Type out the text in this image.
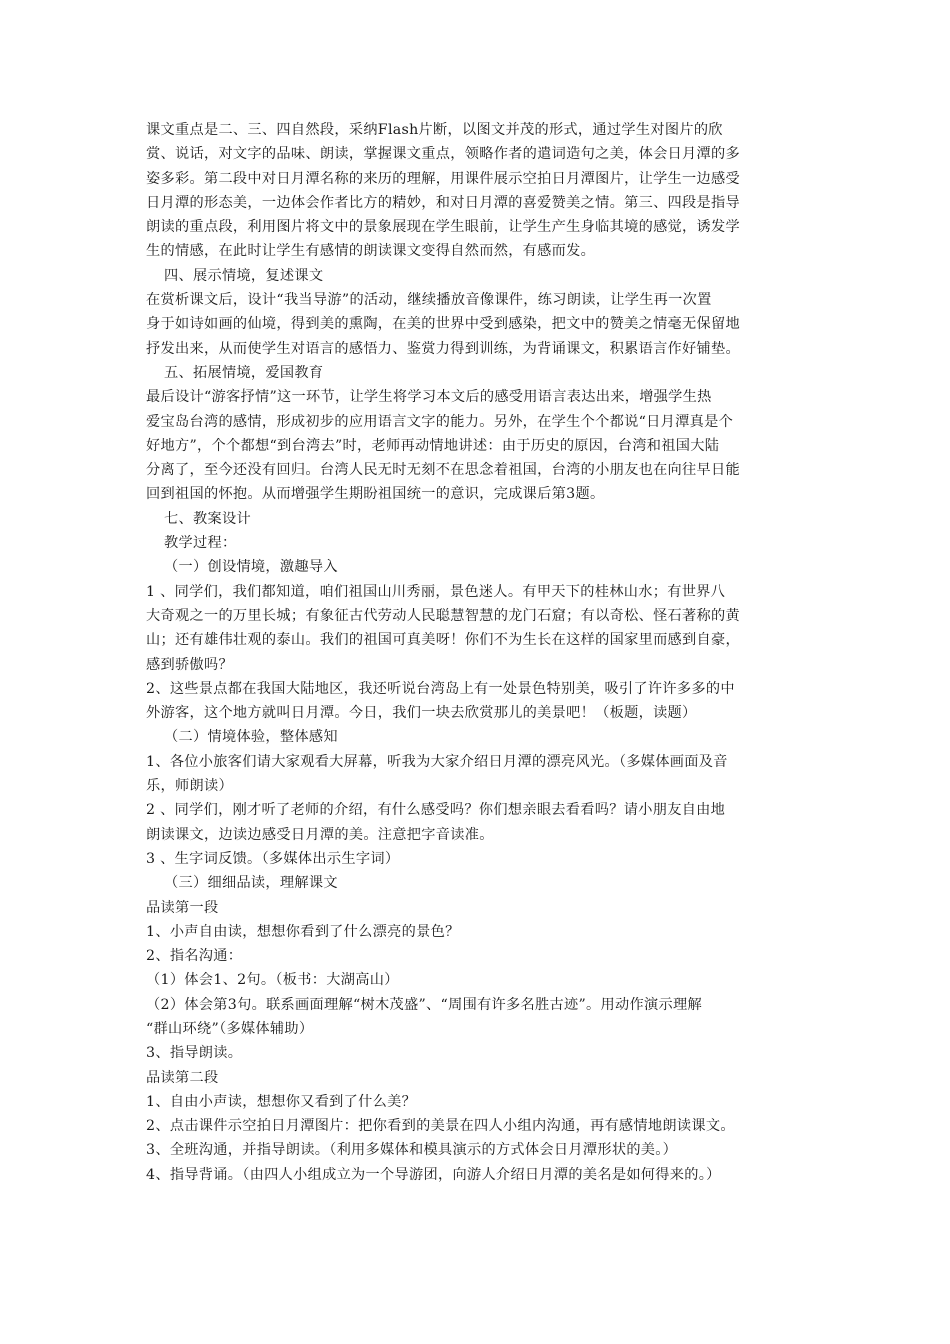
课文重点是二、三、四自然段，采纳Flash片断，以图文并茂的形式，通过学生对图片的欣

赏、说话，对文字的品味、朗读，掌握课文重点，领略作者的遣词造句之美，体会日月潭的多

姿多彩。第二段中对日月潭名称的来历的理解，用课件展示空拍日月潭图片，让学生一边感受

日月潭的形态美，一边体会作者比方的精妙，和对日月潭的喜爱赞美之情。第三、四段是指导

朗读的重点段，利用图片将文中的景象展现在学生眼前，让学生产生身临其境的感觉，诱发学

生的情感，在此时让学生有感情的朗读课文变得自然而然，有感而发。

四、展示情境，复述课文

在赏析课文后，设计“我当导游”的活动，继续播放音像课件，练习朗读，让学生再一次置

身于如诗如画的仙境，得到美的熏陶，在美的世界中受到感染，把文中的赞美之情毫无保留地

抒发出来，从而使学生对语言的感悟力、鉴赏力得到训练，为背诵课文，积累语言作好铺垫。

五、拓展情境，爱国教育

最后设计“游客抒情”这一环节，让学生将学习本文后的感受用语言表达出来，增强学生热

爱宝岛台湾的感情，形成初步的应用语言文字的能力。另外，在学生个个都说“日月潭真是个

好地方”，个个都想“到台湾去”时，老师再动情地讲述：由于历史的原因，台湾和祖国大陆

分离了，至今还没有回归。台湾人民无时无刻不在思念着祖国，台湾的小朋友也在向往早日能

回到祖国的怀抱。从而增强学生期盼祖国统一的意识，完成课后第3题。

七、教案设计

教学过程：

（一）创设情境，激趣导入

1 、同学们，我们都知道，咱们祖国山川秀丽，景色迷人。有甲天下的桂林山水；有世界八

大奇观之一的万里长城；有象征古代劳动人民聪慧智慧的龙门石窟；有以奇松、怪石著称的黄

山；还有雄伟壮观的泰山。我们的祖国可真美呀！你们不为生长在这样的国家里而感到自豪，

感到骄傲吗？

2、这些景点都在我国大陆地区，我还听说台湾岛上有一处景色特别美，吸引了许许多多的中

外游客，这个地方就叫日月潭。今日，我们一块去欣赏那儿的美景吧！（板题，读题）

（二）情境体验，整体感知

1、各位小旅客们请大家观看大屏幕，听我为大家介绍日月潭的漂亮风光。（多媒体画面及音

乐，师朗读）

2 、同学们，刚才听了老师的介绍，有什么感受吗？你们想亲眼去看看吗？请小朋友自由地

朗读课文，边读边感受日月潭的美。注意把字音读准。

3 、生字词反馈。（多媒体出示生字词）

（三）细细品读，理解课文

品读第一段

1、小声自由读，想想你看到了什么漂亮的景色？

2、指名沟通：

（1）体会1、2句。（板书：大湖高山）

（2）体会第3句。联系画面理解“树木茂盛”、“周围有许多名胜古迹”。用动作演示理解

“群山环绕”（多媒体辅助）

3、指导朗读。

品读第二段

1、自由小声读，想想你又看到了什么美？

2、点击课件示空拍日月潭图片：把你看到的美景在四人小组内沟通，再有感情地朗读课文。

3、全班沟通，并指导朗读。（利用多媒体和模具演示的方式体会日月潭形状的美。）

4、指导背诵。（由四人小组成立为一个导游团，向游人介绍日月潭的美名是如何得来的。）
